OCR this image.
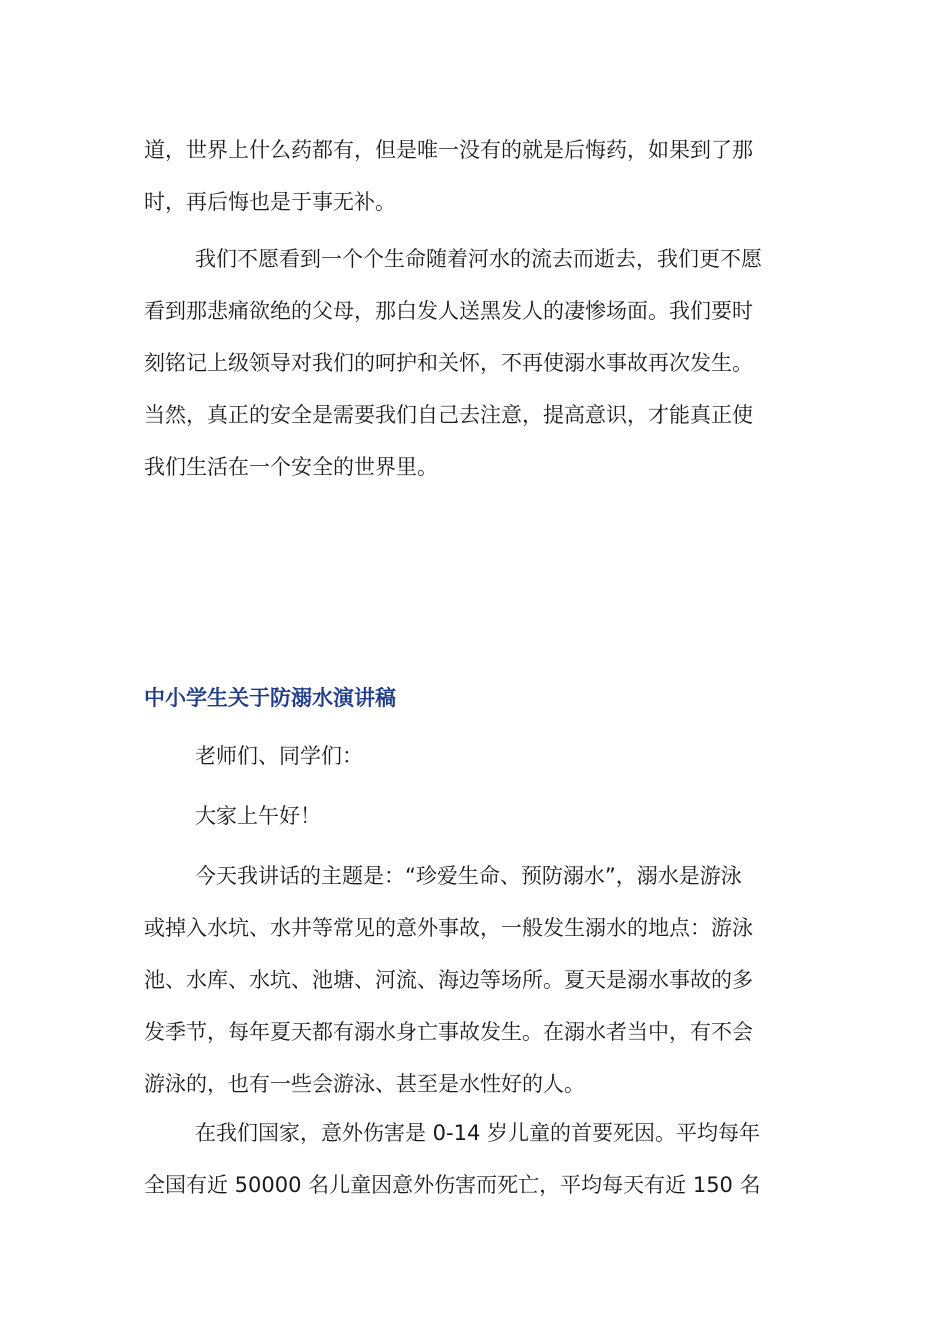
道，世界上什么药都有，但是唯一没有的就是后悔药，如果到了那
时，再后悔也是于事无补。
我们不愿看到一个个生命随着河水的流去而逝去，我们更不愿
看到那悲痛欲绝的父母，那白发人送黑发人的凄惨场面。我们要时
刻铭记上级领导对我们的呵护和关怀，不再使溺水事故再次发生。
当然，真正的安全是需要我们自己去注意，提高意识，才能真正使
我们生活在一个安全的世界里。
中小学生关于防溺水演讲稿
老师们、同学们：
大家上午好！
今天我讲话的主题是：“珍爱生命、预防溺水”，溺水是游泳
或掉入水坑、水井等常见的意外事故，一般发生溺水的地点：游泳
池、水库、水坑、池塘、河流、海边等场所。夏天是溺水事故的多
发季节，每年夏天都有溺水身亡事故发生。在溺水者当中，有不会
游泳的，也有一些会游泳、甚至是水性好的人。
在我们国家，意外伤害是 0-14 岁儿童的首要死因。平均每年
全国有近 50000 名儿童因意外伤害而死亡，平均每天有近 150 名
